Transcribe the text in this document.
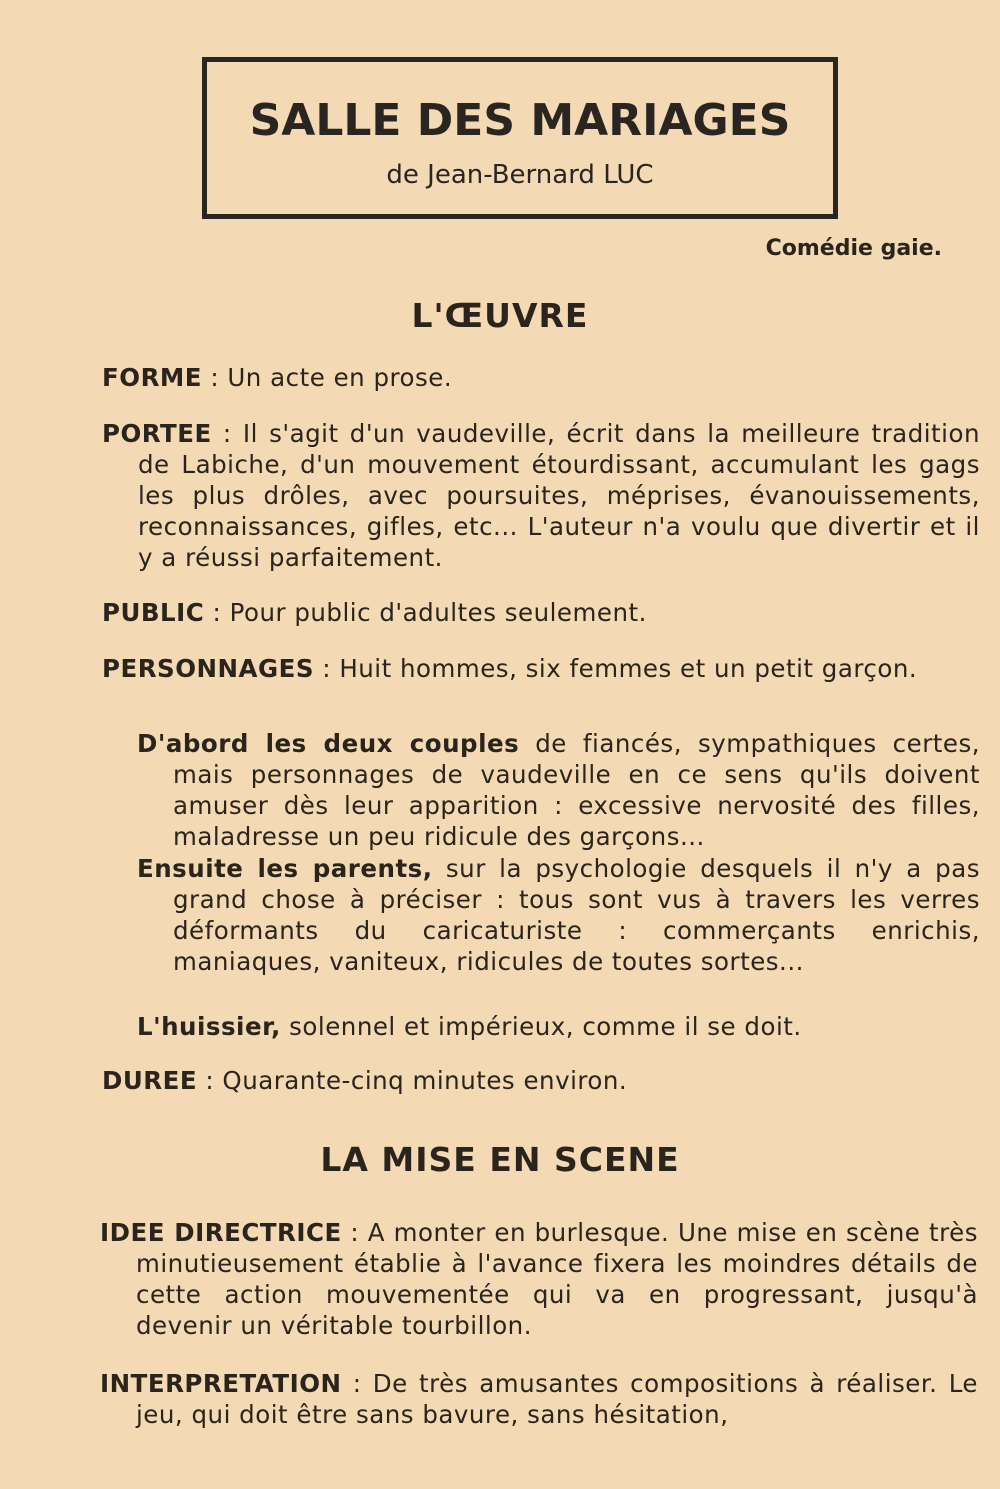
SALLE DES MARIAGES
de Jean-Bernard LUC
Comédie gaie.
L'ŒUVRE
FORME : Un acte en prose.
PORTEE : Il s'agit d'un vaudeville, écrit dans la meilleure tradition de Labiche, d'un mouvement étourdissant, accumulant les gags les plus drôles, avec poursuites, méprises, évanouissements, reconnaissances, gifles, etc... L'auteur n'a voulu que divertir et il y a réussi parfaitement.
PUBLIC : Pour public d'adultes seulement.
PERSONNAGES : Huit hommes, six femmes et un petit garçon.
D'abord les deux couples de fiancés, sympathiques certes, mais personnages de vaudeville en ce sens qu'ils doivent amuser dès leur apparition : excessive nervosité des filles, maladresse un peu ridicule des garçons...
Ensuite les parents, sur la psychologie desquels il n'y a pas grand chose à préciser : tous sont vus à travers les verres déformants du caricaturiste : commerçants enrichis, maniaques, vaniteux, ridicules de toutes sortes...
L'huissier, solennel et impérieux, comme il se doit.
DUREE : Quarante-cinq minutes environ.
LA MISE EN SCENE
IDEE DIRECTRICE : A monter en burlesque. Une mise en scène très minutieusement établie à l'avance fixera les moindres détails de cette action mouvementée qui va en progressant, jusqu'à devenir un véritable tourbillon.
INTERPRETATION : De très amusantes compositions à réaliser. Le jeu, qui doit être sans bavure, sans hésitation,
